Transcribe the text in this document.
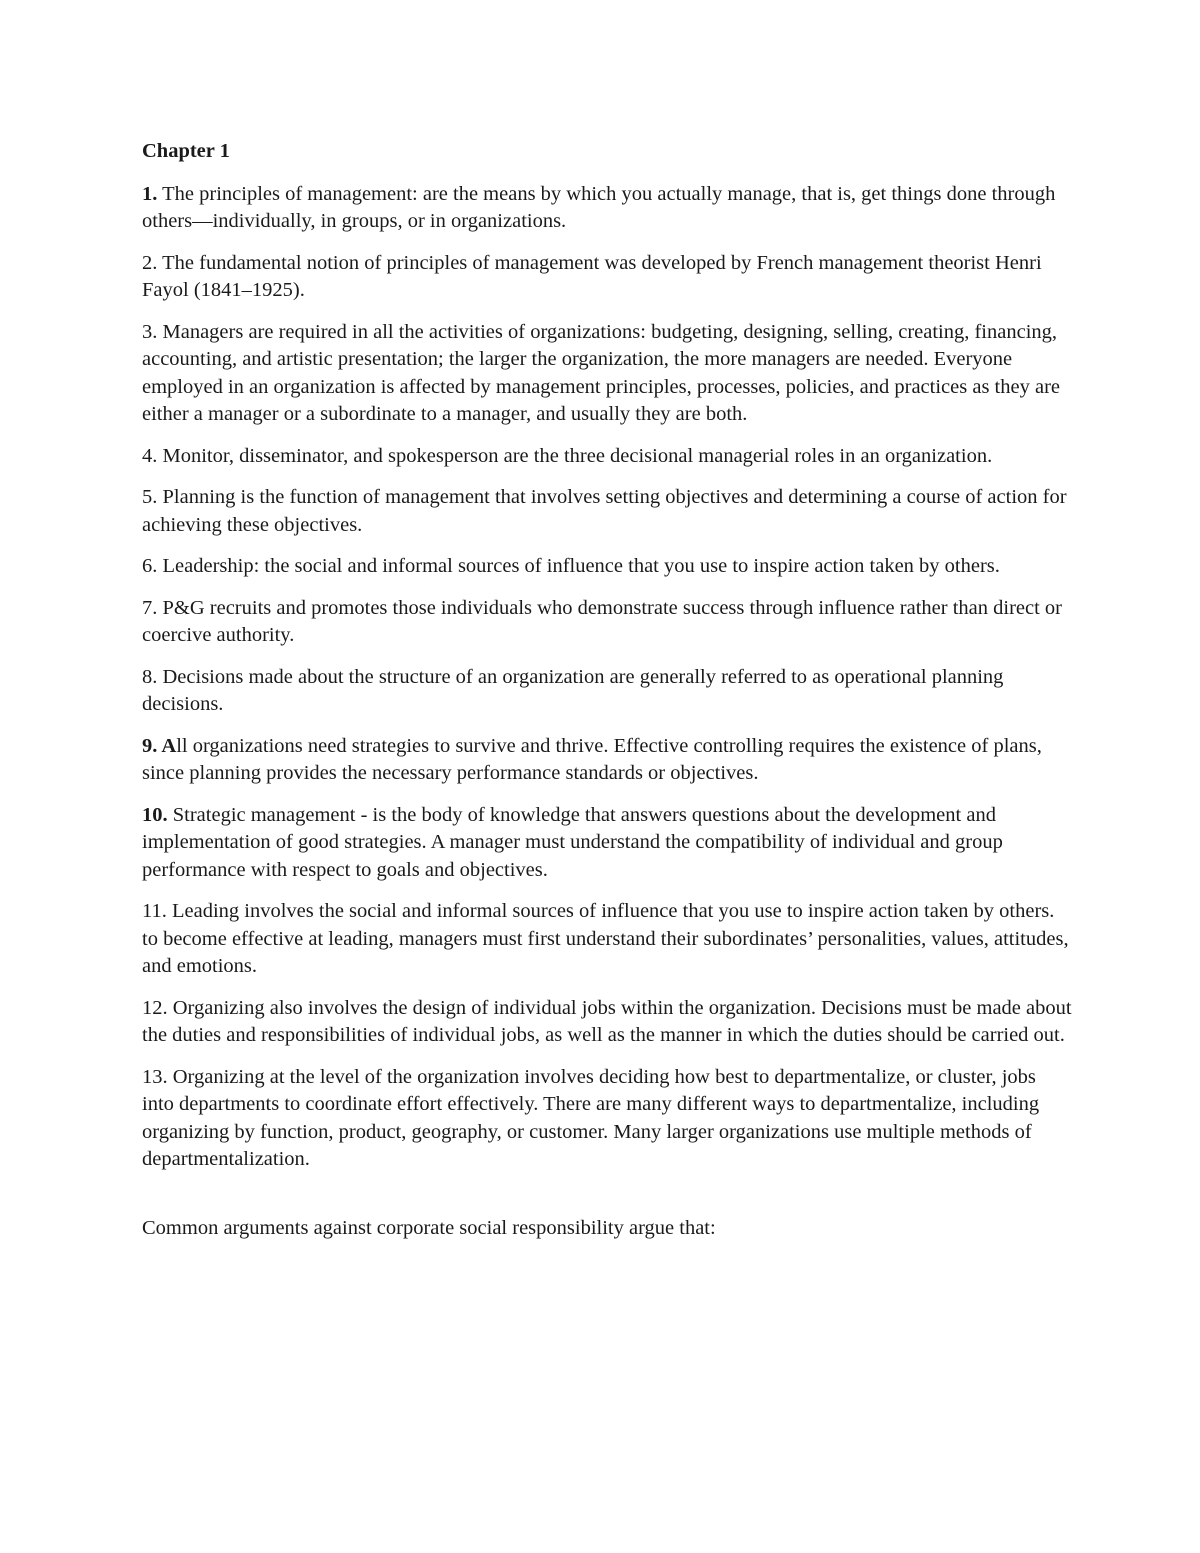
Chapter 1
1. The principles of management: are the means by which you actually manage, that is, get things done through others—individually, in groups, or in organizations.
2. The fundamental notion of principles of management was developed by French management theorist Henri Fayol (1841–1925).
3. Managers are required in all the activities of organizations: budgeting, designing, selling, creating, financing, accounting, and artistic presentation; the larger the organization, the more managers are needed. Everyone employed in an organization is affected by management principles, processes, policies, and practices as they are either a manager or a subordinate to a manager, and usually they are both.
4. Monitor, disseminator, and spokesperson are the three decisional managerial roles in an organization.
5. Planning is the function of management that involves setting objectives and determining a course of action for achieving these objectives.
6. Leadership: the social and informal sources of influence that you use to inspire action taken by others.
7. P&G recruits and promotes those individuals who demonstrate success through influence rather than direct or coercive authority.
8. Decisions made about the structure of an organization are generally referred to as operational planning decisions.
9. All organizations need strategies to survive and thrive. Effective controlling requires the existence of plans, since planning provides the necessary performance standards or objectives.
10. Strategic management - is the body of knowledge that answers questions about the development and implementation of good strategies. A manager must understand the compatibility of individual and group performance with respect to goals and objectives.
11. Leading involves the social and informal sources of influence that you use to inspire action taken by others. to become effective at leading, managers must first understand their subordinates’ personalities, values, attitudes, and emotions.
12. Organizing also involves the design of individual jobs within the organization. Decisions must be made about the duties and responsibilities of individual jobs, as well as the manner in which the duties should be carried out.
13. Organizing at the level of the organization involves deciding how best to departmentalize, or cluster, jobs into departments to coordinate effort effectively. There are many different ways to departmentalize, including organizing by function, product, geography, or customer. Many larger organizations use multiple methods of departmentalization.
Common arguments against corporate social responsibility argue that:
